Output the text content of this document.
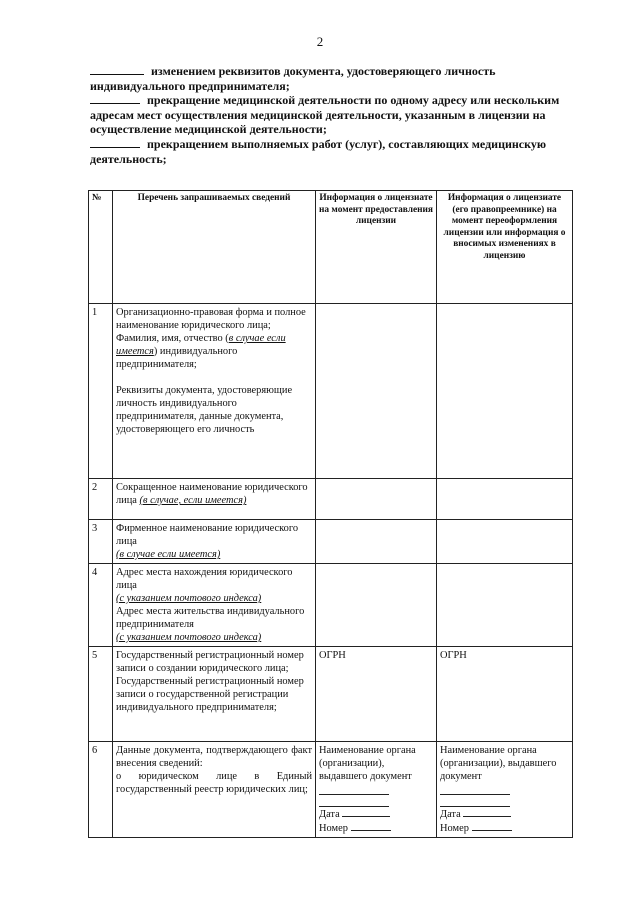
2

изменением реквизитов документа, удостоверяющего личность индивидуального предпринимателя;

прекращение медицинской деятельности по одному адресу или нескольким адресам мест осуществления медицинской деятельности, указанным в лицензии на осуществление медицинской деятельности;

прекращением выполняемых работ (услуг), составляющих медицинскую деятельность;

№	Перечень запрашиваемых сведений	Информация о лицензиате на момент предоставления лицензии	Информация о лицензиате (его правопреемнике) на момент переоформления лицензии или информация о вносимых изменениях в лицензию
1	Организационно-правовая форма и полное наименование юридического лица;
Фамилия, имя, отчество (в случае если имеется) индивидуального предпринимателя;
Реквизиты документа, удостоверяющие личность индивидуального предпринимателя, данные документа, удостоверяющего его личность		

2	Сокращенное наименование юридического лица (в случае, если имеется)		
3	Фирменное наименование юридического лица
(в случае если имеется)		

4	Адрес места нахождения юридического лица
(с указанием почтового индекса)
Адрес места жительства индивидуального предпринимателя
(с указанием почтового индекса)		

5	Государственный регистрационный номер записи о создании юридического лица;
Государственный регистрационный номер записи о государственной регистрации индивидуального предпринимателя;	ОГРН	ОГРН
6	Данные документа, подтверждающего факт внесения сведений:
о юридическом лице в Единый государственный реестр юридических лиц;	Наименование органа (организации), выдавшего документ
Дата
Номер	Наименование органа (организации), выдавшего документ
Дата
Номер
